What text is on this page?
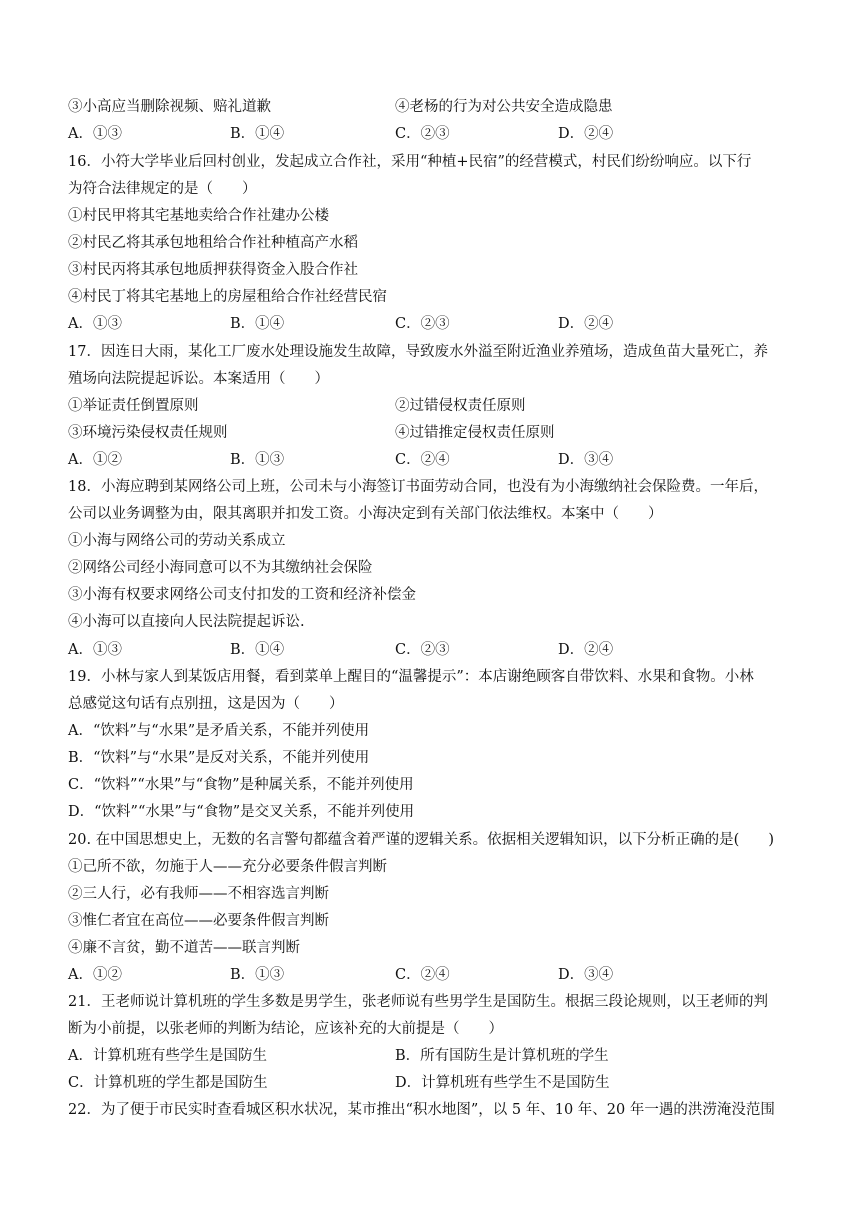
③小高应当删除视频、赔礼道歉	④老杨的行为对公共安全造成隐患
A．①③	B．①④	C．②③	D．②④
16．小符大学毕业后回村创业，发起成立合作社，采用“种植+民宿”的经营模式，村民们纷纷响应。以下行
为符合法律规定的是（　　）
①村民甲将其宅基地卖给合作社建办公楼
②村民乙将其承包地租给合作社种植高产水稻
③村民丙将其承包地质押获得资金入股合作社
④村民丁将其宅基地上的房屋租给合作社经营民宿
A．①③	B．①④	C．②③	D．②④
17．因连日大雨，某化工厂废水处理设施发生故障，导致废水外溢至附近渔业养殖场，造成鱼苗大量死亡，养
殖场向法院提起诉讼。本案适用（　　）
①举证责任倒置原则	②过错侵权责任原则
③环境污染侵权责任规则	④过错推定侵权责任原则
A．①②	B．①③	C．②④	D．③④
18．小海应聘到某网络公司上班，公司未与小海签订书面劳动合同，也没有为小海缴纳社会保险费。一年后，
公司以业务调整为由，限其离职并扣发工资。小海决定到有关部门依法维权。本案中（　　）
①小海与网络公司的劳动关系成立
②网络公司经小海同意可以不为其缴纳社会保险
③小海有权要求网络公司支付扣发的工资和经济补偿金
④小海可以直接向人民法院提起诉讼.
A．①③	B．①④	C．②③	D．②④
19．小林与家人到某饭店用餐，看到菜单上醒目的“温馨提示”：本店谢绝顾客自带饮料、水果和食物。小林
总感觉这句话有点别扭，这是因为（　　）
A．“饮料”与“水果”是矛盾关系，不能并列使用
B．“饮料”与“水果”是反对关系，不能并列使用
C．“饮料”“水果”与“食物”是种属关系，不能并列使用
D．“饮料”“水果”与“食物”是交叉关系，不能并列使用
20. 在中国思想史上，无数的名言警句都蕴含着严谨的逻辑关系。依据相关逻辑知识，以下分析正确的是(　　)
①己所不欲，勿施于人——充分必要条件假言判断
②三人行，必有我师——不相容选言判断
③惟仁者宜在高位——必要条件假言判断
④廉不言贫，勤不道苦——联言判断
A．①②	B．①③	C．②④	D．③④
21．王老师说计算机班的学生多数是男学生，张老师说有些男学生是国防生。根据三段论规则，以王老师的判
断为小前提，以张老师的判断为结论，应该补充的大前提是（　　）
A．计算机班有些学生是国防生	B．所有国防生是计算机班的学生
C．计算机班的学生都是国防生	D．计算机班有些学生不是国防生
22．为了便于市民实时查看城区积水状况，某市推出“积水地图”，以 5 年、10 年、20 年一遇的洪涝淹没范围
